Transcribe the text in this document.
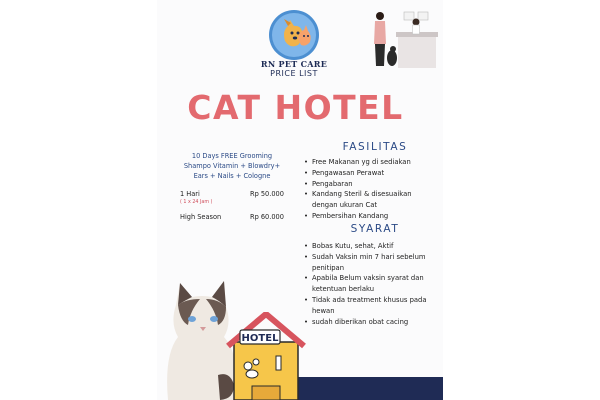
RN PET CARE
PRICE LIST
CAT HOTEL
10 Days FREE Grooming
Shampo Vitamin + Blowdry+
Ears + Nails + Cologne
1 Hari
( 1 x 24 Jam )
Rp 50.000
High Season	Rp 60.000
FASILITAS
• Free Makanan yg di sediakan
• Pengawasan Perawat
• Pengabaran
• Kandang Steril & disesuaikan dengan ukuran Cat
• Pembersihan Kandang
SYARAT
• Bobas Kutu, sehat, Aktif
• Sudah Vaksin min 7 hari sebelum penitipan
• Apabila Belum vaksin syarat dan ketentuan berlaku
• Tidak ada treatment khusus pada hewan
• sudah diberikan obat cacing
HOTEL
